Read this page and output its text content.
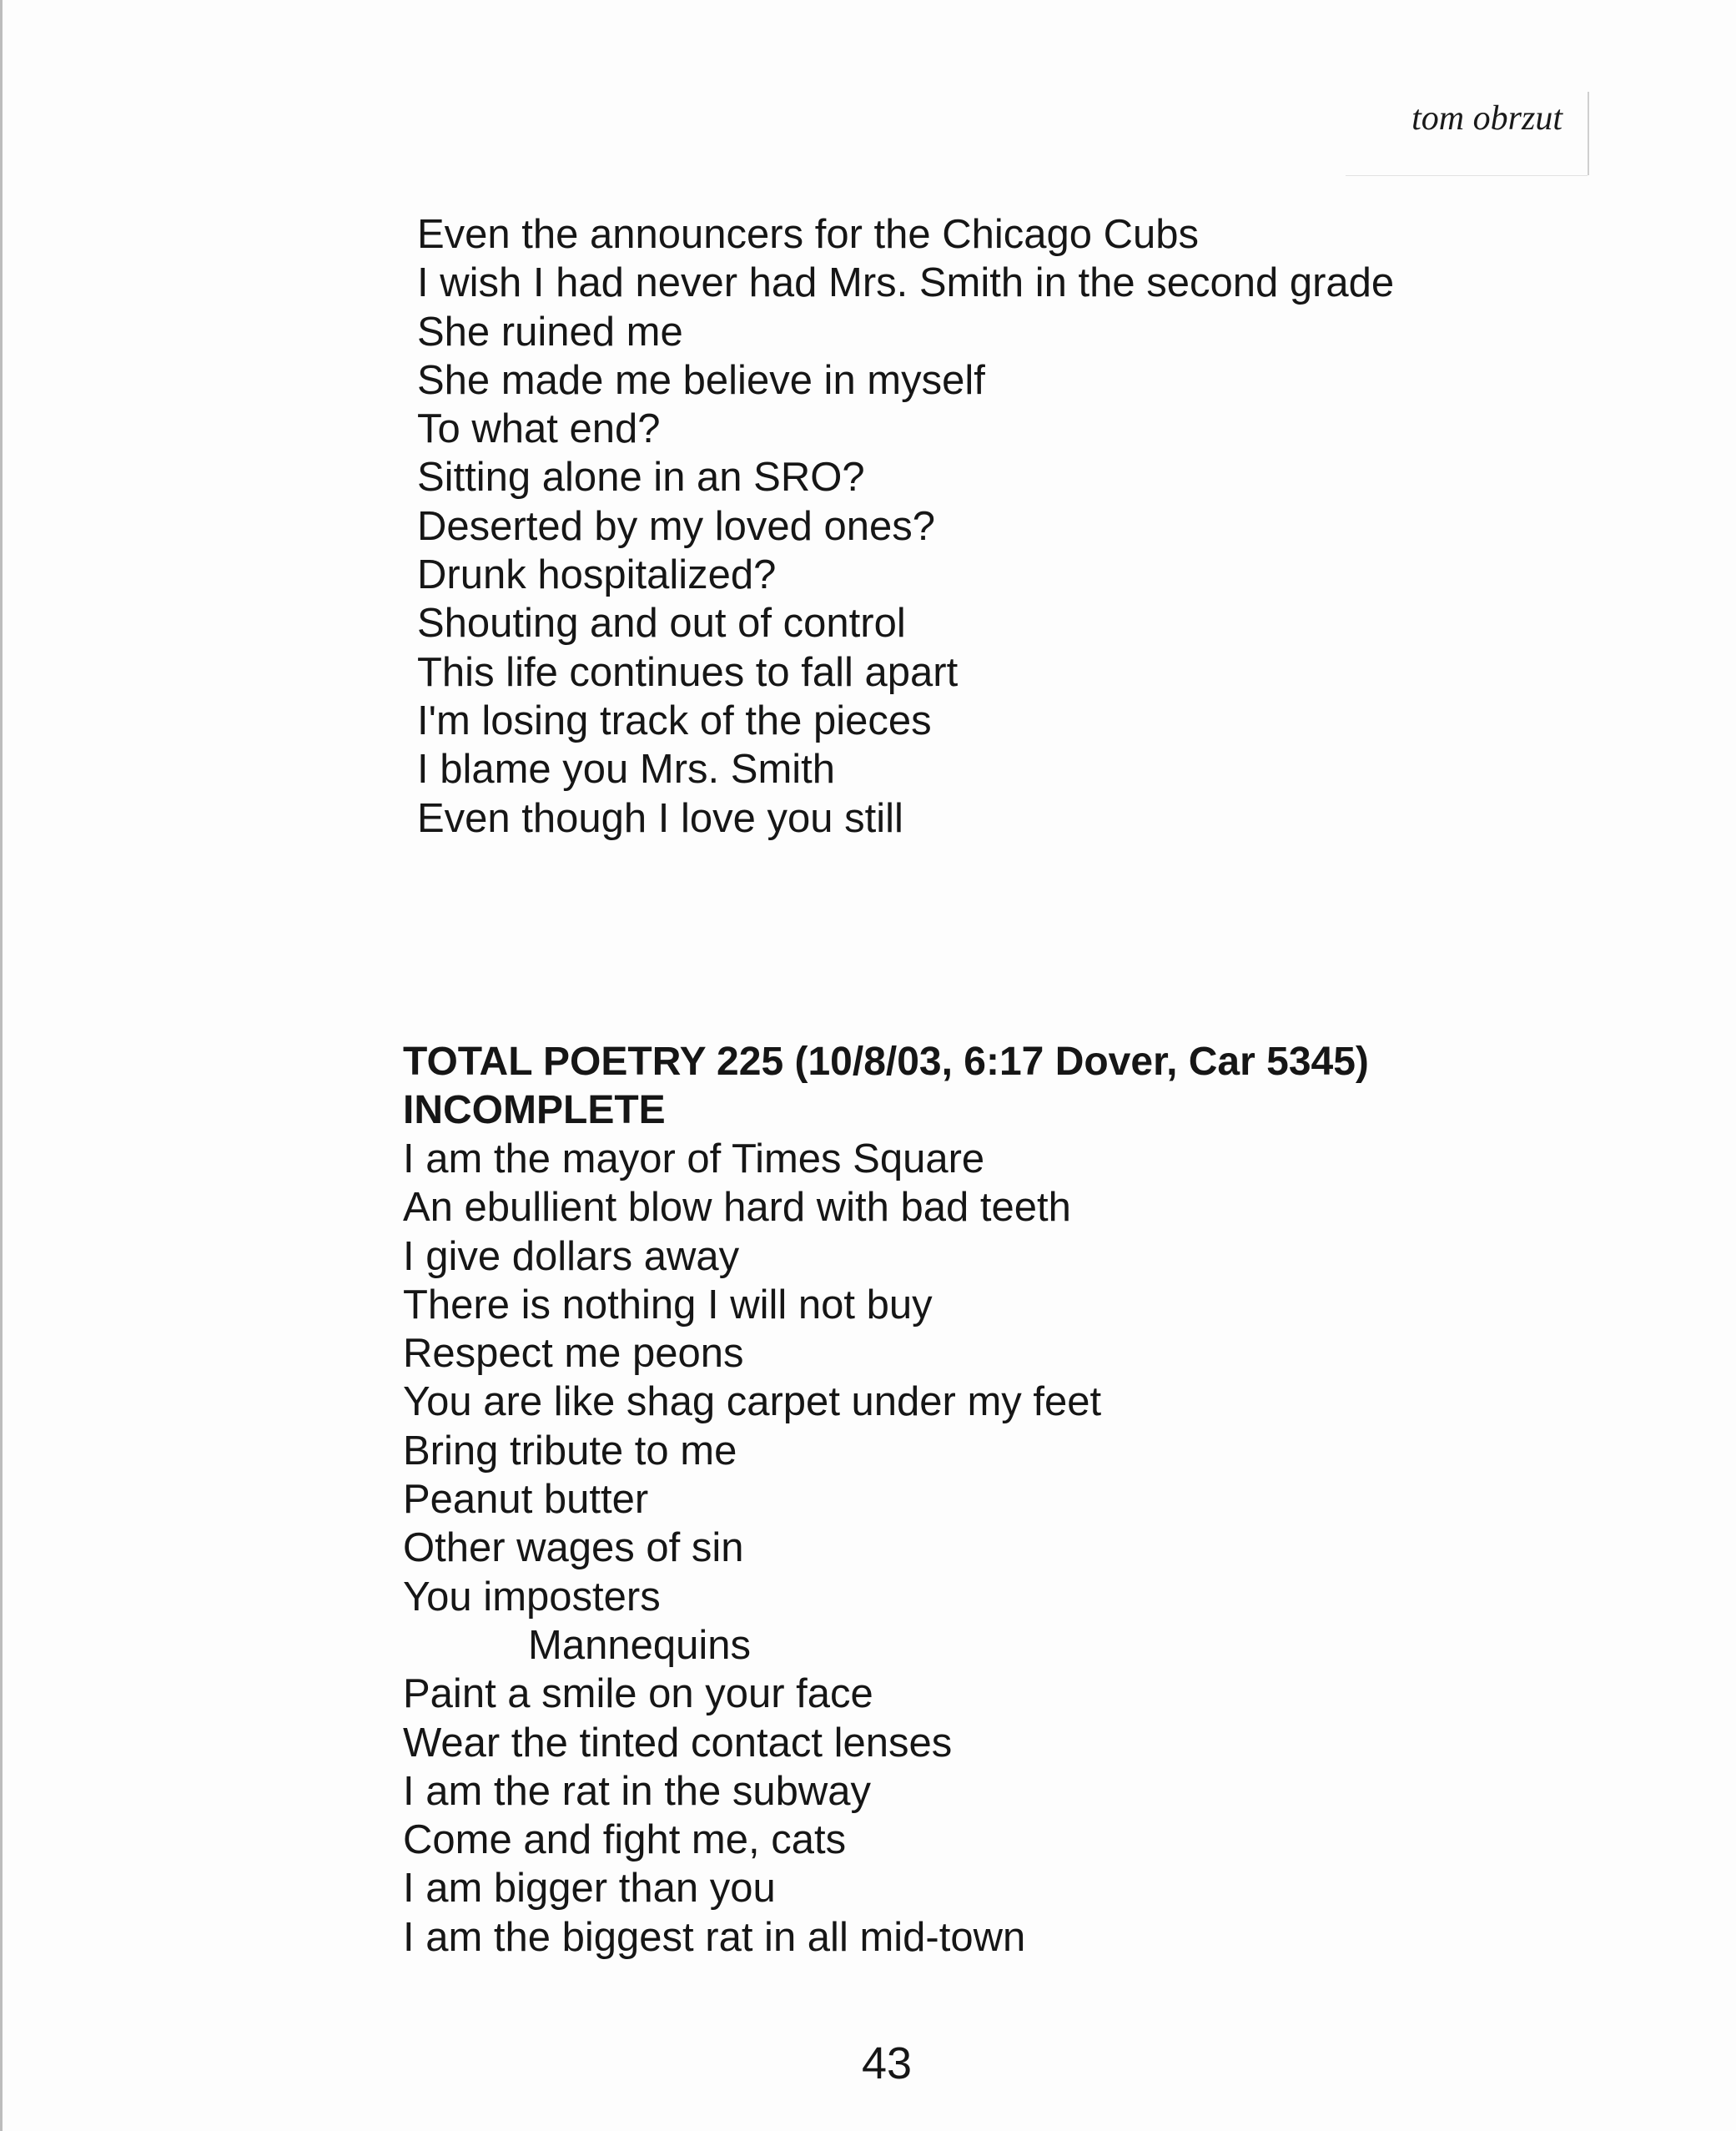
tom obrzut
Even the announcers for the Chicago Cubs
I wish I had never had Mrs. Smith in the second grade
She ruined me
She made me believe in myself
To what end?
Sitting alone in an SRO?
Deserted by my loved ones?
Drunk hospitalized?
Shouting and out of control
This life continues to fall apart
I'm losing track of the pieces
I blame you Mrs. Smith
Even though I love you still
TOTAL POETRY 225 (10/8/03, 6:17 Dover, Car 5345)
INCOMPLETE
I am the mayor of Times Square
An ebullient blow hard with bad teeth
I give dollars away
There is nothing I will not buy
Respect me peons
You are like shag carpet under my feet
Bring tribute to me
Peanut butter
Other wages of sin
You imposters
Mannequins
Paint a smile on your face
Wear the tinted contact lenses
I am the rat in the subway
Come and fight me, cats
I am bigger than you
I am the biggest rat in all mid-town
43
